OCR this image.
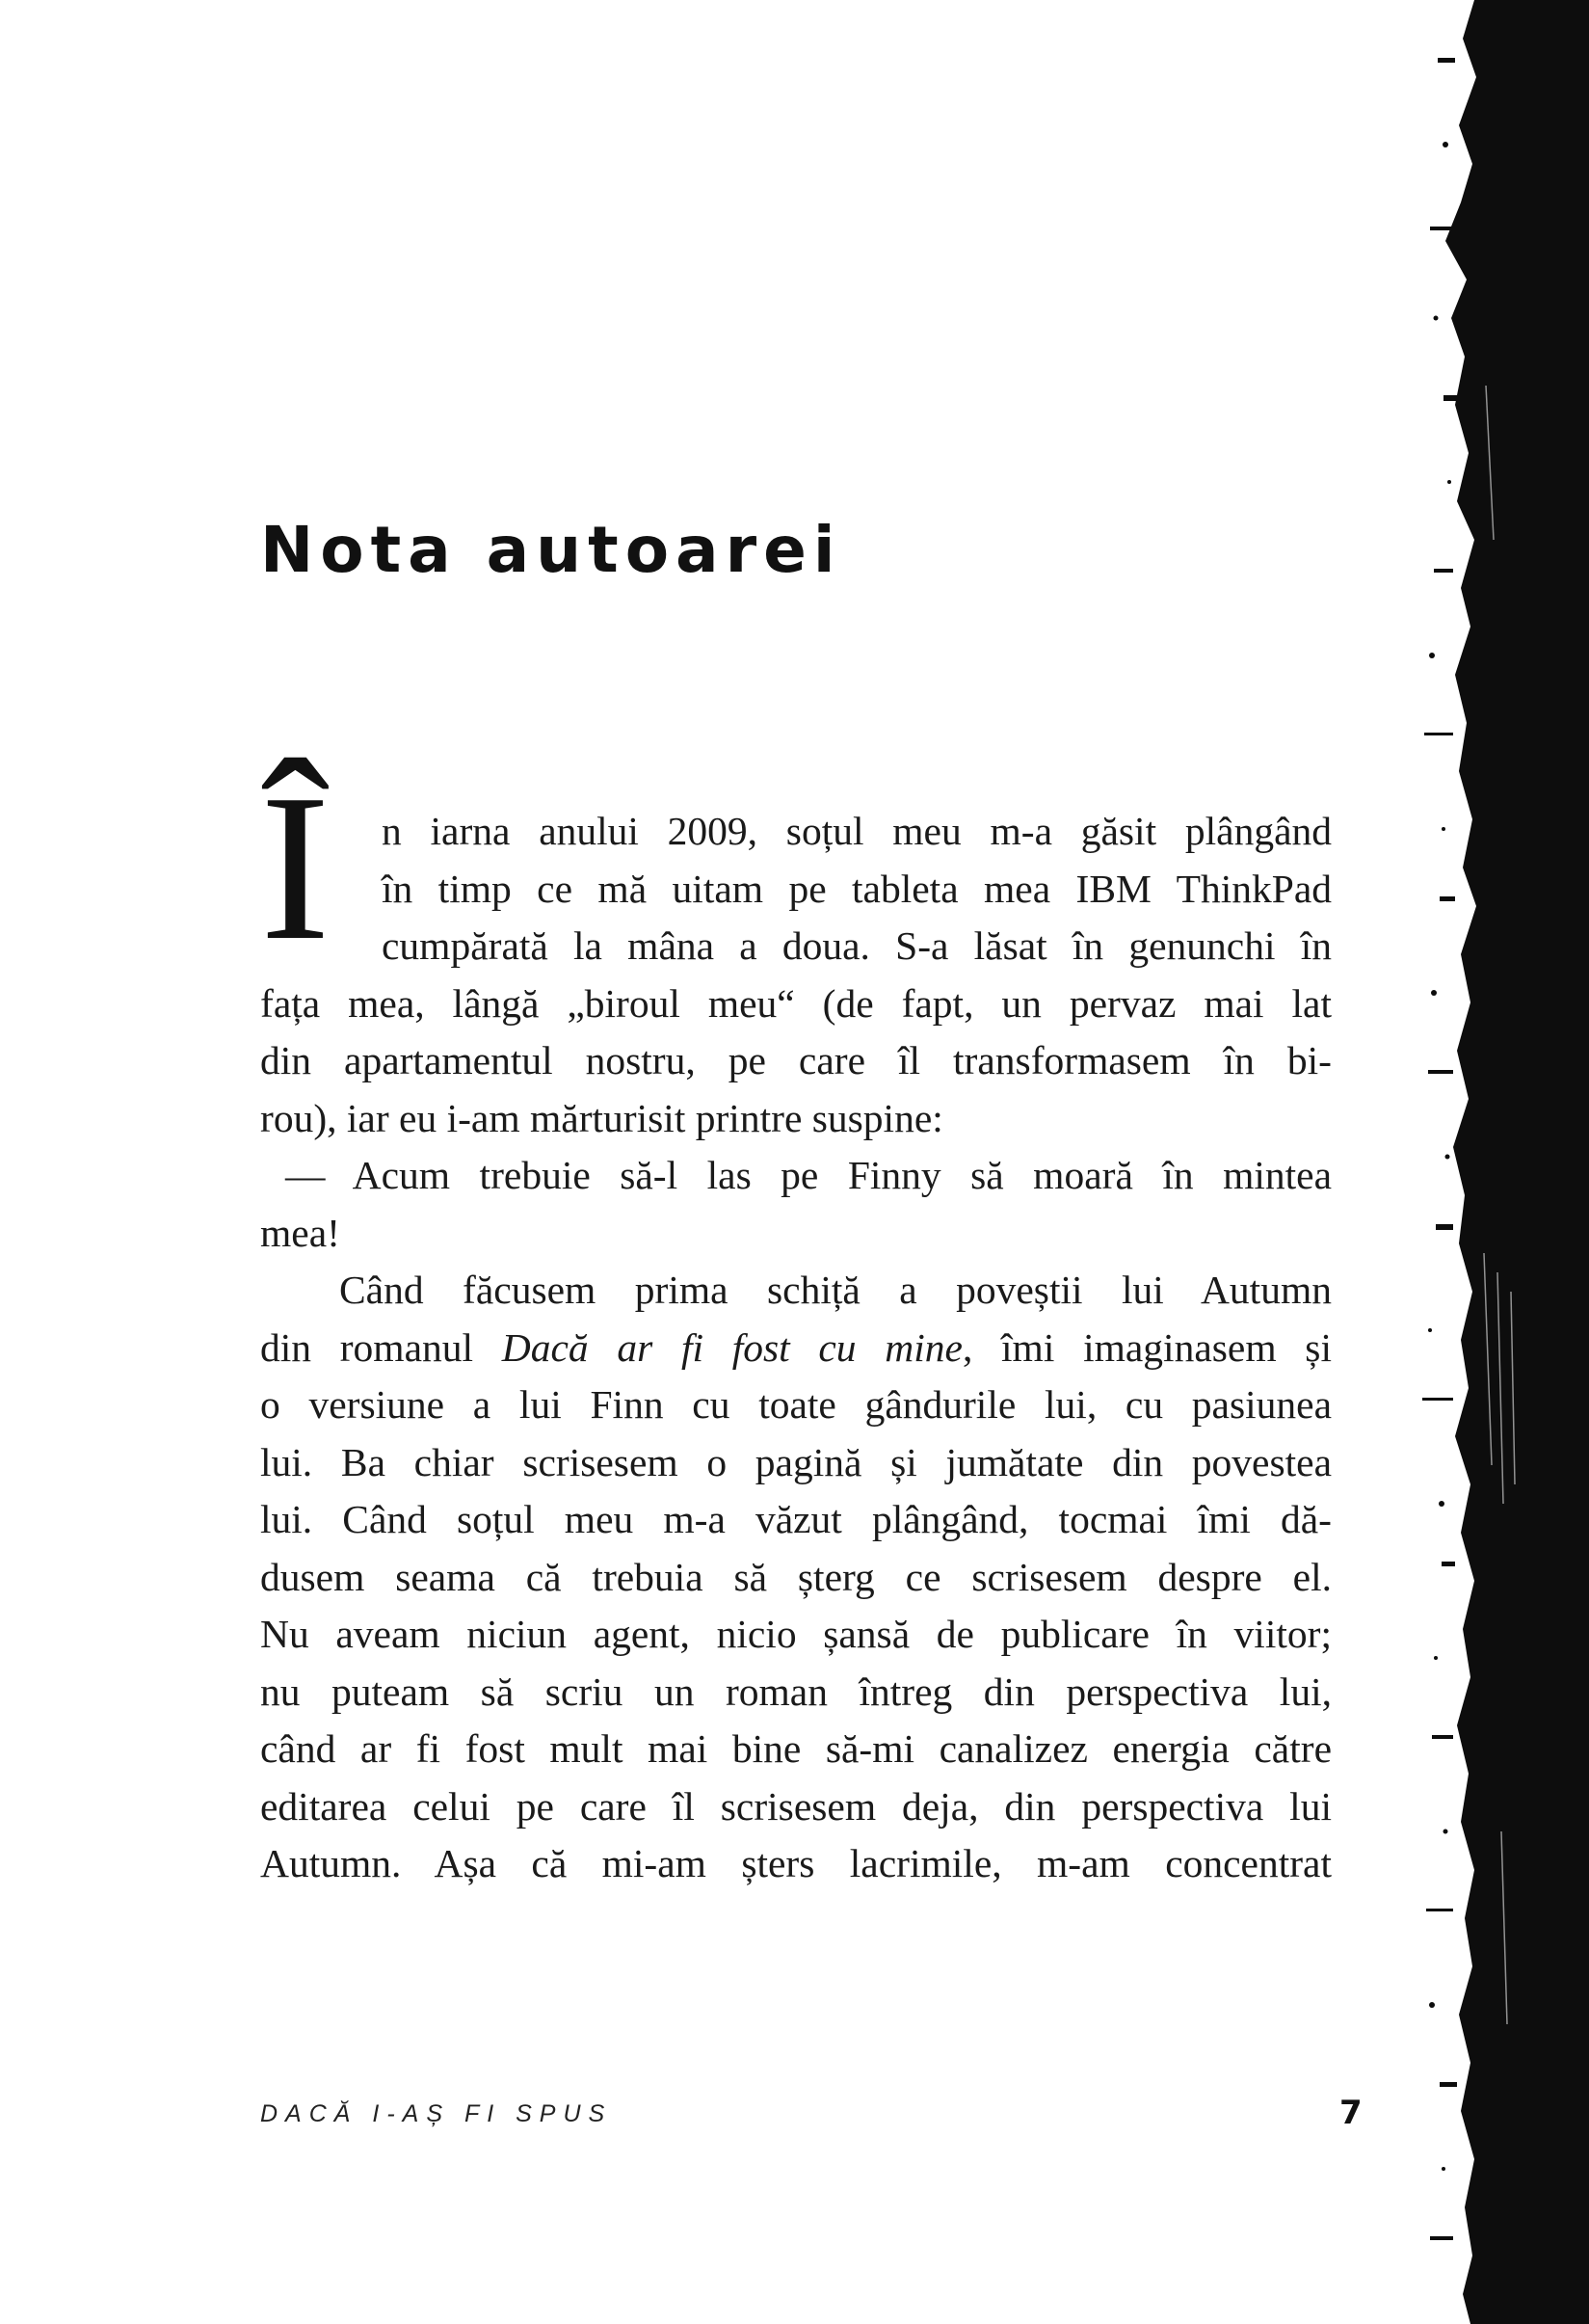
Nota autoarei
Î	n iarna anului 2009, soțul meu m-a găsit plângând
în timp ce mă uitam pe tableta mea IBM ThinkPad
cumpărată la mâna a doua. S-a lăsat în genunchi în
fața mea, lângă „biroul meu“ (de fapt, un pervaz mai lat
din apartamentul nostru, pe care îl transformasem în bi-
rou), iar eu i-am mărturisit printre suspine:
— Acum trebuie să-l las pe Finny să moară în mintea
mea!
Când făcusem prima schiță a poveștii lui Autumn
din romanul Dacă ar fi fost cu mine, îmi imaginasem și
o versiune a lui Finn cu toate gândurile lui, cu pasiunea
lui. Ba chiar scrisesem o pagină și jumătate din povestea
lui. Când soțul meu m-a văzut plângând, tocmai îmi dă-
dusem seama că trebuia să șterg ce scrisesem despre el.
Nu aveam niciun agent, nicio șansă de publicare în viitor;
nu puteam să scriu un roman întreg din perspectiva lui,
când ar fi fost mult mai bine să-mi canalizez energia către
editarea celui pe care îl scrisesem deja, din perspectiva lui
Autumn. Așa că mi-am șters lacrimile, m-am concentrat
DACĂ I-AȘ FI SPUS	7
